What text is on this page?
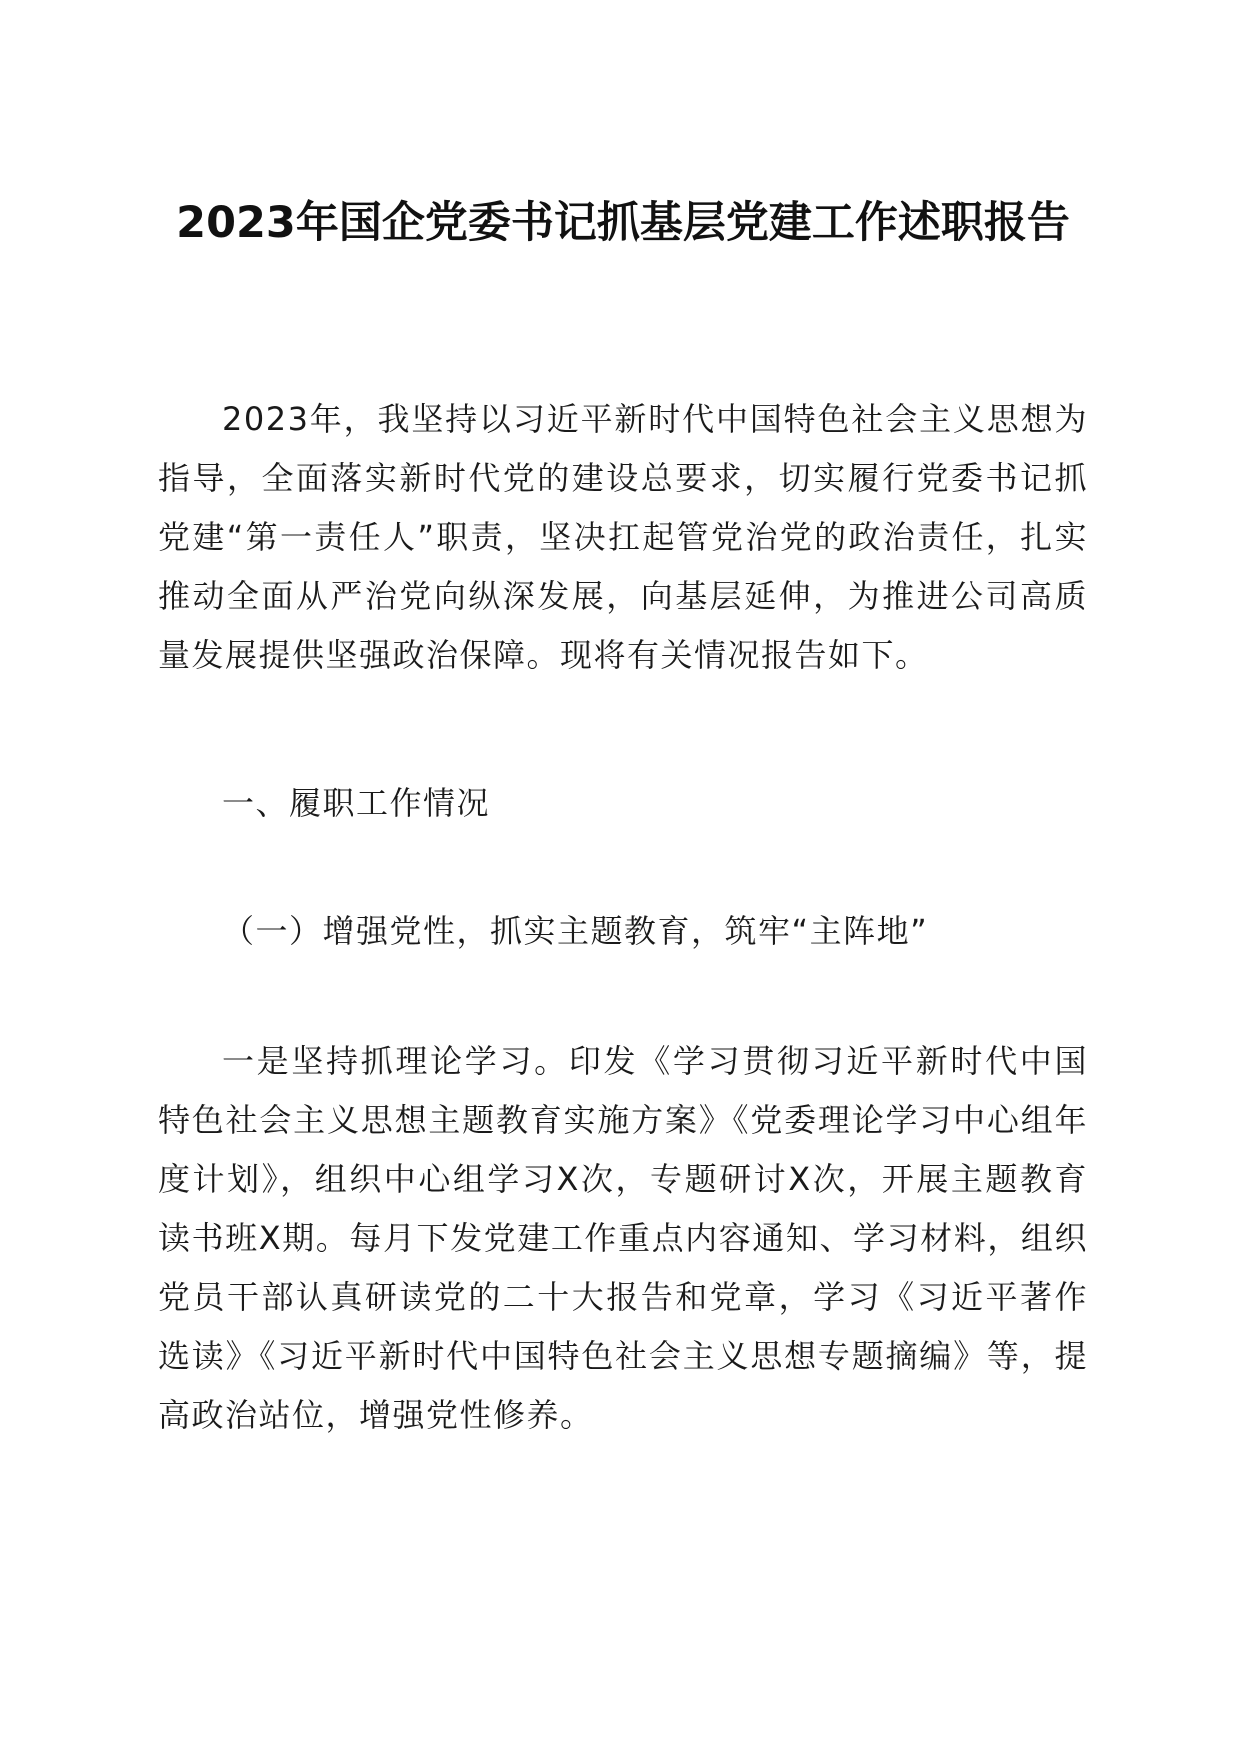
2023年国企党委书记抓基层党建工作述职报告

2023年，我坚持以习近平新时代中国特色社会主义思想为指导，全面落实新时代党的建设总要求，切实履行党委书记抓党建“第一责任人”职责，坚决扛起管党治党的政治责任，扎实推动全面从严治党向纵深发展，向基层延伸，为推进公司高质量发展提供坚强政治保障。现将有关情况报告如下。

一、履职工作情况

（一）增强党性，抓实主题教育，筑牢“主阵地”

一是坚持抓理论学习。印发《学习贯彻习近平新时代中国特色社会主义思想主题教育实施方案》《党委理论学习中心组年度计划》，组织中心组学习X次，专题研讨X次，开展主题教育读书班X期。每月下发党建工作重点内容通知、学习材料，组织党员干部认真研读党的二十大报告和党章，学习《习近平著作选读》《习近平新时代中国特色社会主义思想专题摘编》等，提高政治站位，增强党性修养。
